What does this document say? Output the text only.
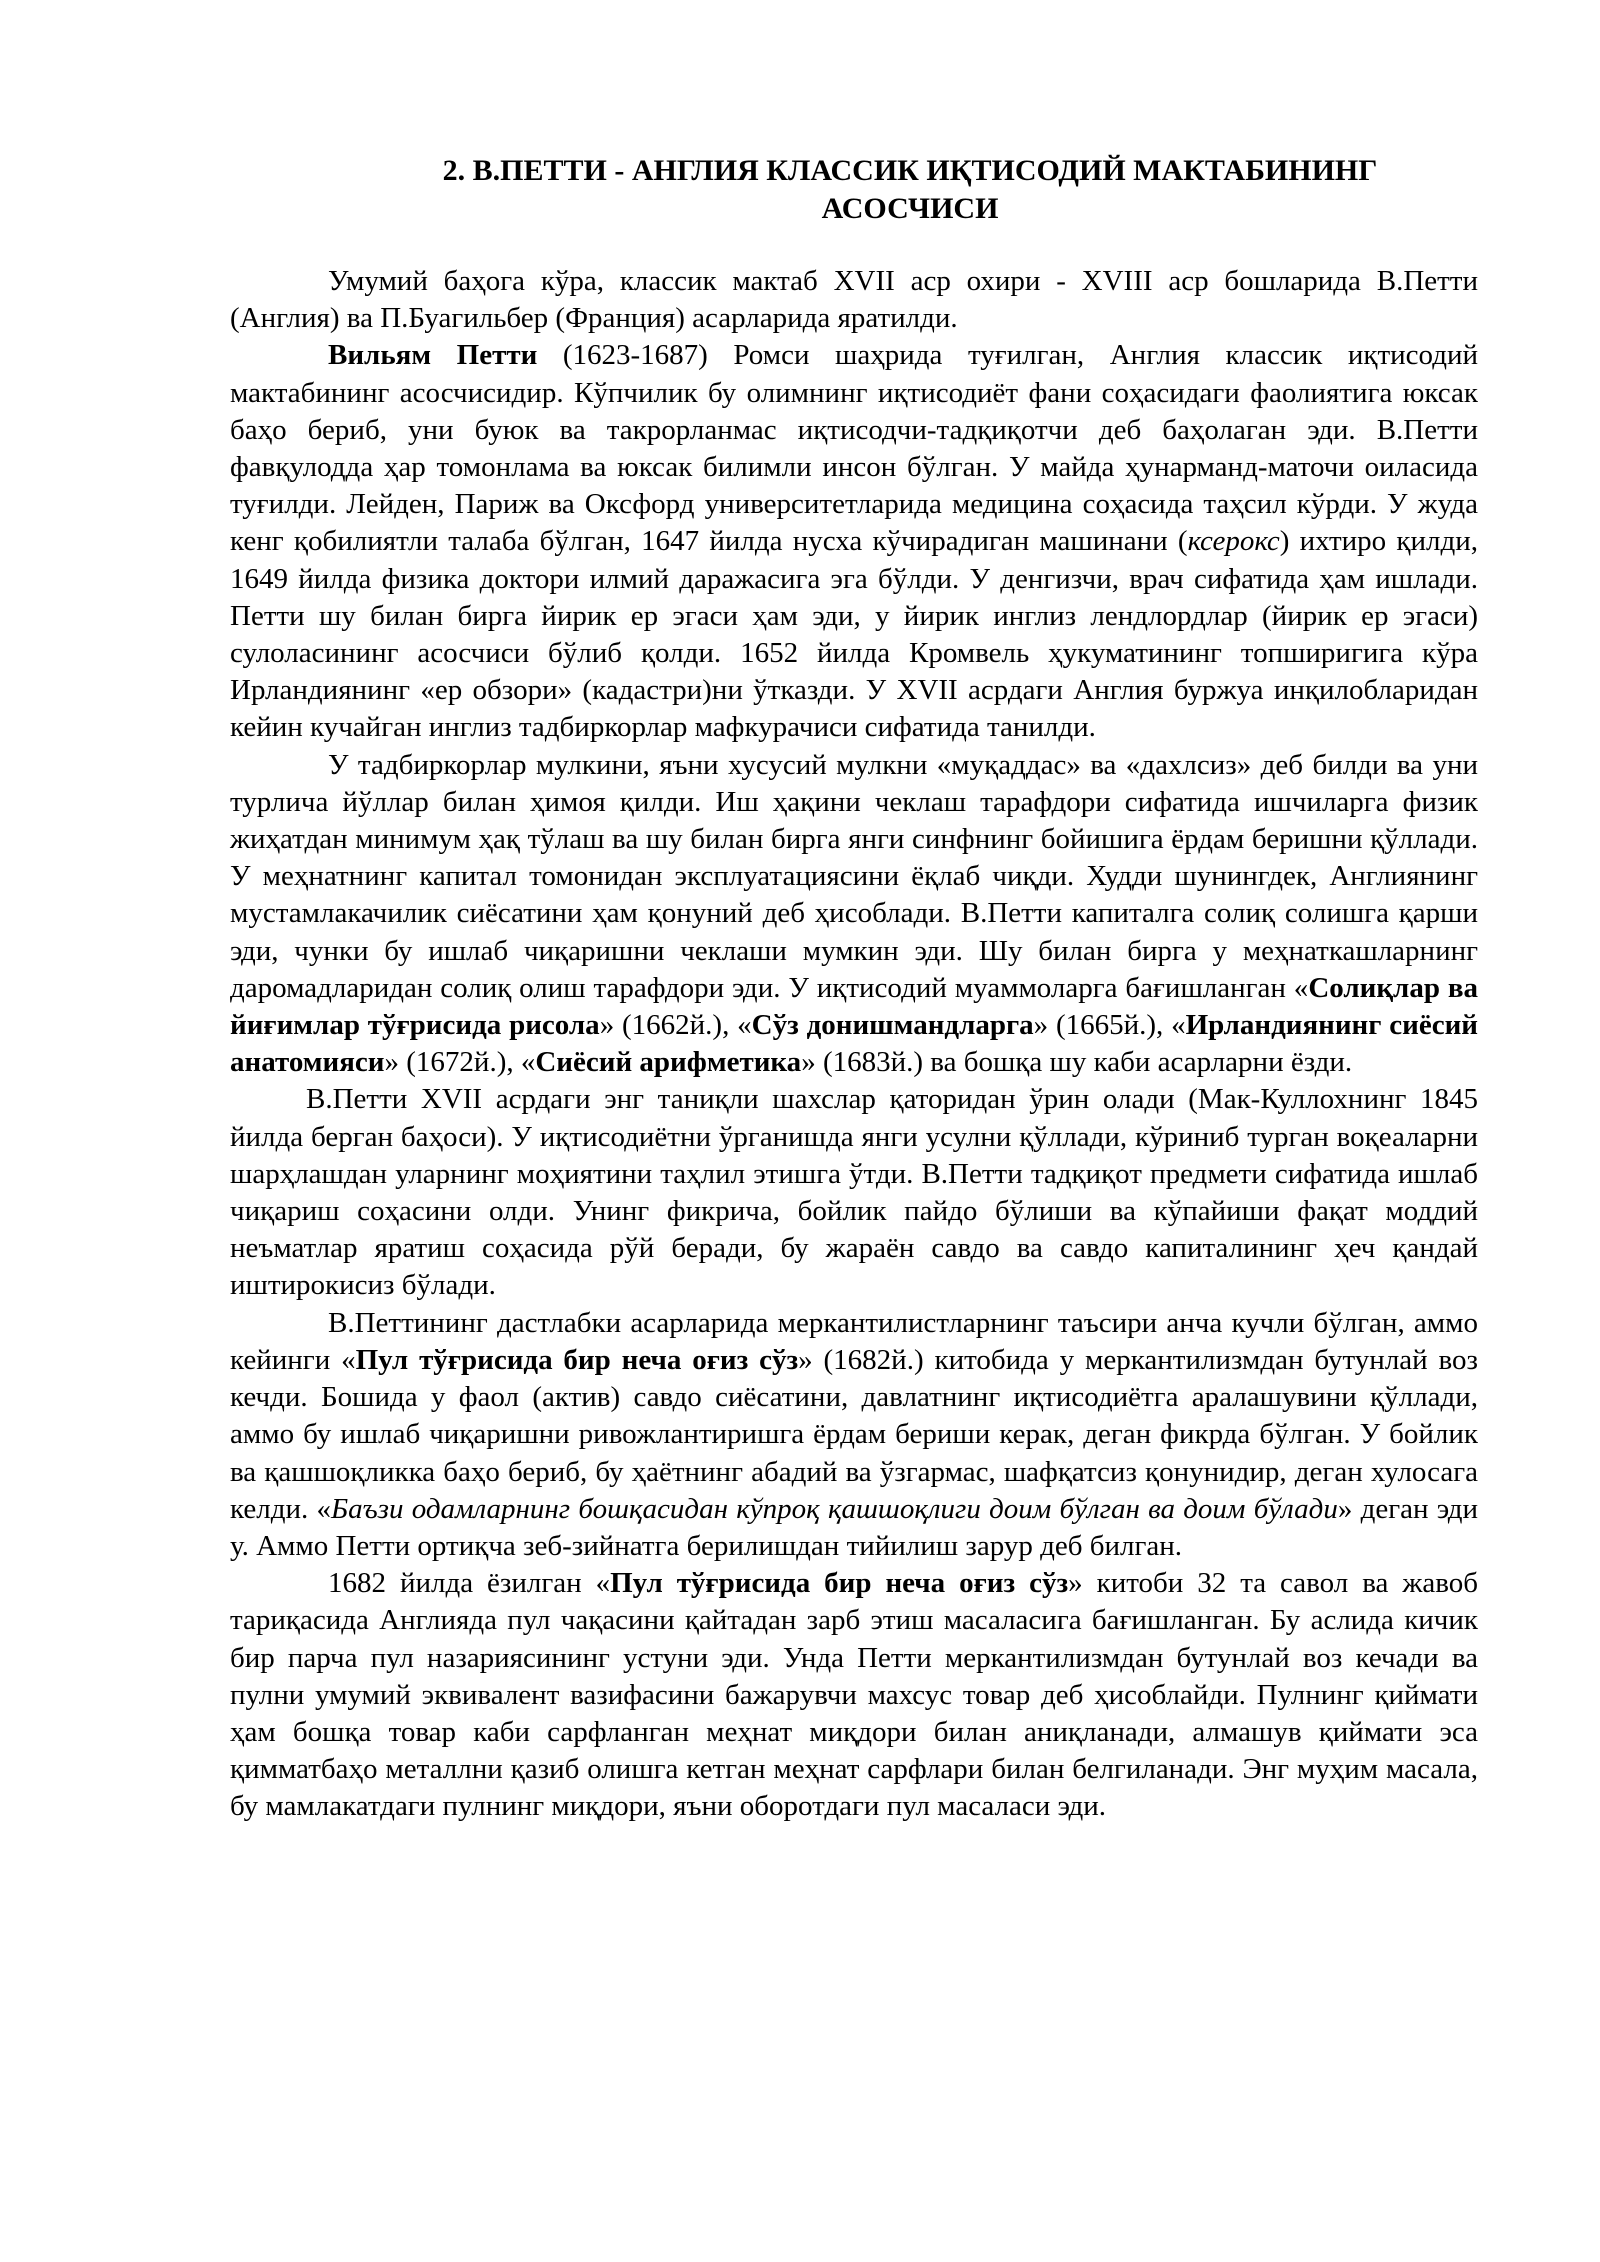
2. В.ПЕТТИ - АНГЛИЯ КЛАССИК ИҚТИСОДИЙ МАКТАБИНИНГ
АСОСЧИСИ

Умумий баҳога кўра, классик мактаб XVII аср охири - XVIII аср бошларида В.Петти (Англия) ва П.Буагильбер (Франция) асарларида яратилди.

Вильям Петти (1623-1687) Ромси шаҳрида туғилган, Англия классик иқтисодий мактабининг асосчисидир. Кўпчилик бу олимнинг иқтисодиёт фани соҳасидаги фаолиятига юксак баҳо бериб, уни буюк ва такрорланмас иқтисодчи-тадқиқотчи деб баҳолаган эди. В.Петти фавқулодда ҳар томонлама ва юксак билимли инсон бўлган. У майда ҳунарманд-маточи оиласида туғилди. Лейден, Париж ва Оксфорд университетларида медицина соҳасида таҳсил кўрди. У жуда кенг қобилиятли талаба бўлган, 1647 йилда нусха кўчирадиган машинани (ксерокс) ихтиро қилди, 1649 йилда физика доктори илмий даражасига эга бўлди. У денгизчи, врач сифатида ҳам ишлади. Петти шу билан бирга йирик ер эгаси ҳам эди, у йирик инглиз лендлордлар (йирик ер эгаси) сулоласининг асосчиси бўлиб қолди. 1652 йилда Кромвель ҳукуматининг топширигига кўра Ирландиянинг «ер обзори» (кадастри)ни ўтказди. У XVII асрдаги Англия буржуа инқилобларидан кейин кучайган инглиз тадбиркорлар мафкурачиси сифатида танилди.

У тадбиркорлар мулкини, яъни хусусий мулкни «муқаддас» ва «дахлсиз» деб билди ва уни турлича йўллар билан ҳимоя қилди. Иш ҳақини чеклаш тарафдори сифатида ишчиларга физик жиҳатдан минимум ҳақ тўлаш ва шу билан бирга янги синфнинг бойишига ёрдам беришни қўллади. У меҳнатнинг капитал томонидан эксплуатациясини ёқлаб чиқди. Худди шунингдек, Англиянинг мустамлакачилик сиёсатини ҳам қонуний деб ҳисоблади. В.Петти капиталга солиқ солишга қарши эди, чунки бу ишлаб чиқаришни чеклаши мумкин эди. Шу билан бирга у меҳнаткашларнинг даромадларидан солиқ олиш тарафдори эди. У иқтисодий муаммоларга бағишланган «Солиқлар ва йиғимлар тўғрисида рисола» (1662й.), «Сўз донишмандларга» (1665й.), «Ирландиянинг сиёсий анатомияси» (1672й.), «Сиёсий арифметика» (1683й.) ва бошқа шу каби асарларни ёзди.

В.Петти XVII асрдаги энг таниқли шахслар қаторидан ўрин олади (Мак-Куллохнинг 1845 йилда берган баҳоси). У иқтисодиётни ўрганишда янги усулни қўллади, кўриниб турган воқеаларни шарҳлашдан уларнинг моҳиятини таҳлил этишга ўтди. В.Петти тадқиқот предмети сифатида ишлаб чиқариш соҳасини олди. Унинг фикрича, бойлик пайдо бўлиши ва кўпайиши фақат моддий неъматлар яратиш соҳасида рўй беради, бу жараён савдо ва савдо капиталининг ҳеч қандай иштирокисиз бўлади.

В.Петтининг дастлабки асарларида меркантилистларнинг таъсири анча кучли бўлган, аммо кейинги «Пул тўғрисида бир неча оғиз сўз» (1682й.) китобида у меркантилизмдан бутунлай воз кечди. Бошида у фаол (актив) савдо сиёсатини, давлатнинг иқтисодиётга аралашувини қўллади, аммо бу ишлаб чиқаришни ривожлантиришга ёрдам бериши керак, деган фикрда бўлган. У бойлик ва қашшоқликка баҳо бериб, бу ҳаётнинг абадий ва ўзгармас, шафқатсиз қонунидир, деган хулосага келди. «Баъзи одамларнинг бошқасидан кўпроқ қашшоқлиги доим бўлган ва доим бўлади» деган эди у. Аммо Петти ортиқча зеб-зийнатга берилишдан тийилиш зарур деб билган.

1682 йилда ёзилган «Пул тўғрисида бир неча оғиз сўз» китоби 32 та савол ва жавоб тариқасида Англияда пул чақасини қайтадан зарб этиш масаласига бағишланган. Бу аслида кичик бир парча пул назариясининг устуни эди. Унда Петти меркантилизмдан бутунлай воз кечади ва пулни умумий эквивалент вазифасини бажарувчи махсус товар деб ҳисоблайди. Пулнинг қиймати ҳам бошқа товар каби сарфланган меҳнат миқдори билан аниқланади, алмашув қиймати эса қимматбаҳо металлни қазиб олишга кетган меҳнат сарфлари билан белгиланади. Энг муҳим масала, бу мамлакатдаги пулнинг миқдори, яъни оборотдаги пул масаласи эди.
